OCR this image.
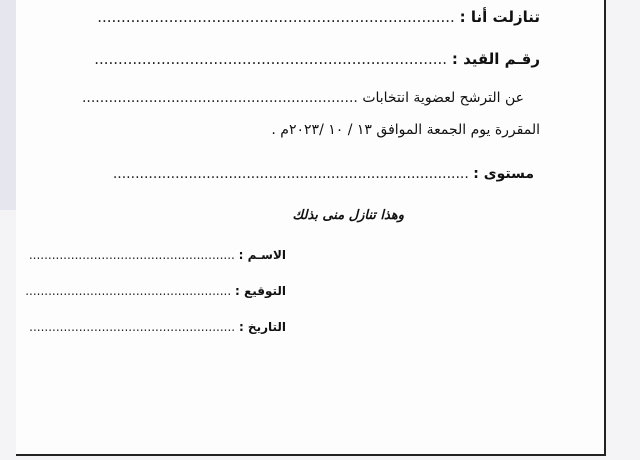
تنازلت أنا : ...........................................................................
رقـم القيد : ..........................................................................
عن الترشح لعضوية انتخابات ..............................................................
المقررة يوم الجمعة الموافق ١٣ / ١٠ /٢٠٢٣م .
مستوى : ................................................................................
وهذا تنازل منى بذلك
الاسـم : ......................................................
التوقيع : ......................................................
التاريخ : ......................................................
